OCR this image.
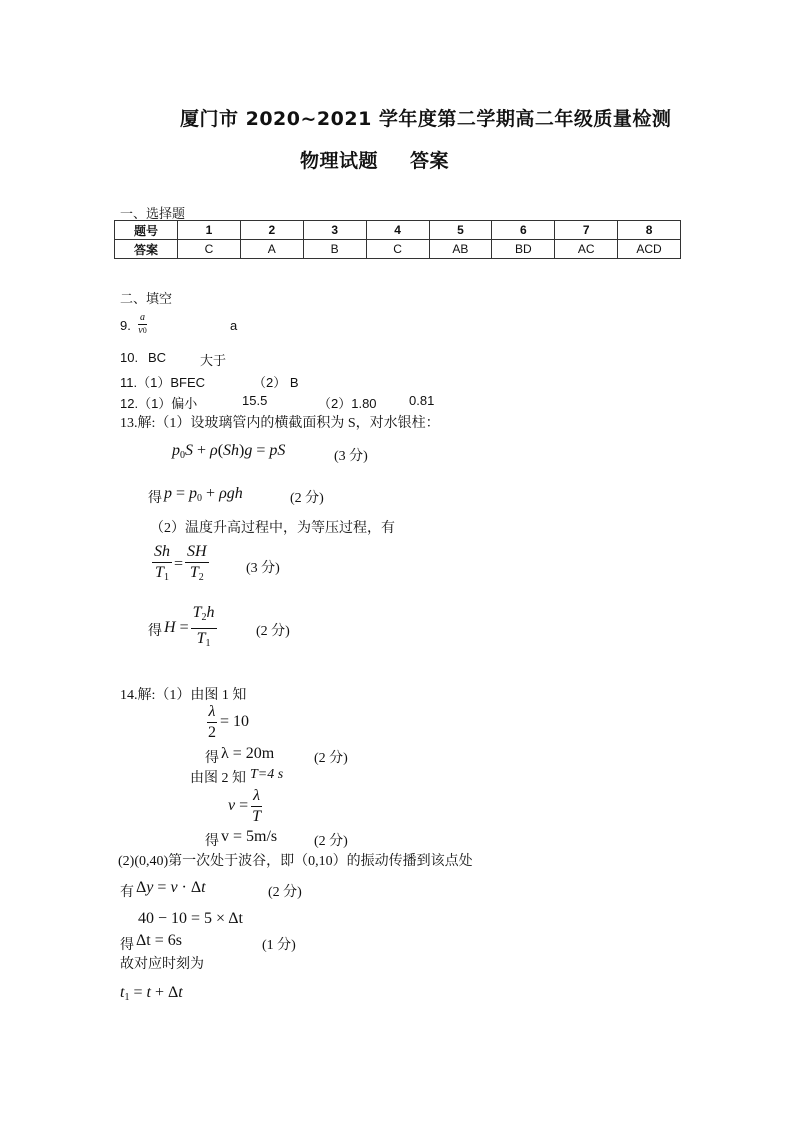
厦门市 2020~2021 学年度第二学期高二年级质量检测
物理试题 答案
一、选择题
题号	1	2	3	4	5	6	7	8
答案	C	A	B	C	AB	BD	AC	ACD
二、填空
9.
a
v0	a
10. BC	大于
11.（1）BFEC	（2） B
12.（1）偏小	15.5	（2）1.80 0.81
13.解:（1）设玻璃管内的横截面积为 S，对水银柱：
$p_0S + \rho(Sh)g$ = pS	(3 分)
得 $p = p_0 + \rho gh$	(2 分)
（2）温度升高过程中，为等压过程，有
$\frac{Sh}{T_1} = \frac{SH}{T_2}$	(3 分)
得 $H = \frac{T_2h}{T_1}$	(2 分)
14.解:（1）由图 1 知
$\frac{\lambda}{2} = 10$
得 λ = 20m	(2 分)
由图 2 知 T=4 s
$v = \frac{\lambda}{T}$
得 v = 5m/s	(2 分)
(2)(0,40)第一次处于波谷，即（0,10）的振动传播到该点处
有 Δy = v · Δt	(2 分)
40 − 10 = 5 × Δt
得 Δt = 6s	(1 分)
故对应时刻为
$t_1 = t + \Delta t$
